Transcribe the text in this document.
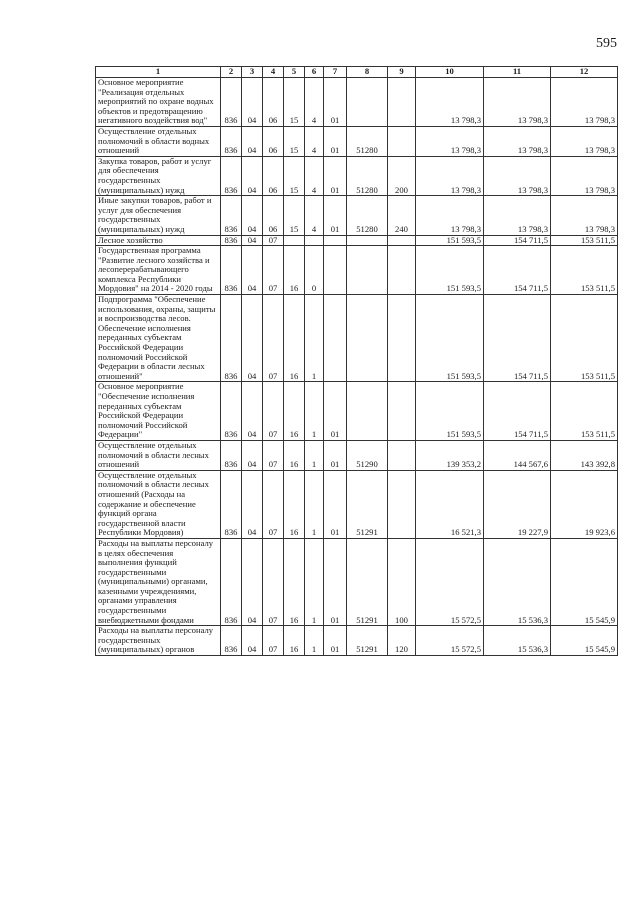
595
1	2	3	4	5	6	7	8	9	10	11	12
Основное мероприятие "Реализация отдельных мероприятий по охране водных объектов и предотвращению негативного воздействия вод"	836	04	06	15	4	01			13 798,3	13 798,3	13 798,3
Осуществление отдельных полномочий в области водных отношений	836	04	06	15	4	01	51280		13 798,3	13 798,3	13 798,3
Закупка товаров, работ и услуг для обеспечения государственных (муниципальных) нужд	836	04	06	15	4	01	51280	200	13 798,3	13 798,3	13 798,3
Иные закупки товаров, работ и услуг для обеспечения государственных (муниципальных) нужд	836	04	06	15	4	01	51280	240	13 798,3	13 798,3	13 798,3
Лесное хозяйство	836	04	07						151 593,5	154 711,5	153 511,5
Государственная программа "Развитие лесного хозяйства и лесоперерабатывающего комплекса Республики Мордовия" на 2014 - 2020 годы	836	04	07	16	0				151 593,5	154 711,5	153 511,5
Подпрограмма "Обеспечение использования, охраны, защиты и воспроизводства лесов. Обеспечение исполнения переданных субъектам Российской Федерации полномочий Российской Федерации в области лесных отношений"	836	04	07	16	1				151 593,5	154 711,5	153 511,5
Основное мероприятие "Обеспечение исполнения переданных субъектам Российской Федерации полномочий Российской Федерации"	836	04	07	16	1	01			151 593,5	154 711,5	153 511,5
Осуществление отдельных полномочий в области лесных отношений	836	04	07	16	1	01	51290		139 353,2	144 567,6	143 392,8
Осуществление отдельных полномочий в области лесных отношений (Расходы на содержание и обеспечение функций органа государственной власти Республики Мордовия)	836	04	07	16	1	01	51291		16 521,3	19 227,9	19 923,6
Расходы на выплаты персоналу в целях обеспечения выполнения функций государственными (муниципальными) органами, казенными учреждениями, органами управления государственными внебюджетными фондами	836	04	07	16	1	01	51291	100	15 572,5	15 536,3	15 545,9
Расходы на выплаты персоналу государственных (муниципальных) органов	836	04	07	16	1	01	51291	120	15 572,5	15 536,3	15 545,9
